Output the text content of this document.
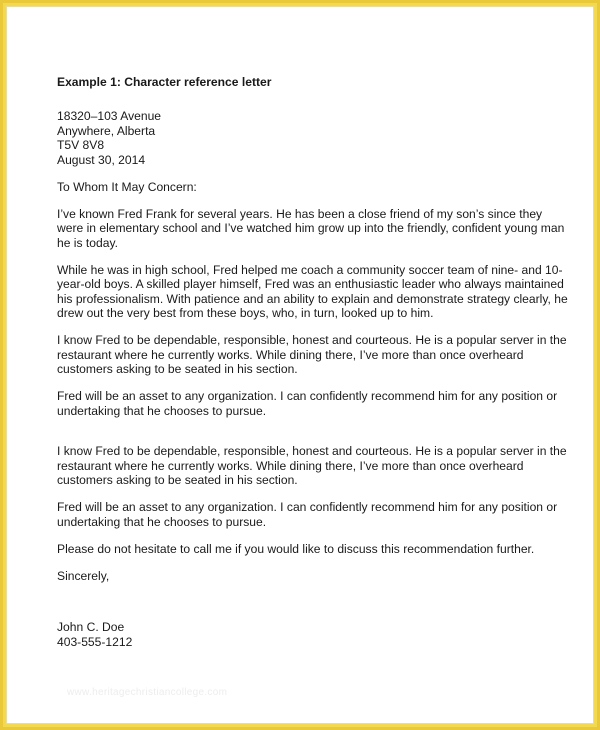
Example 1: Character reference letter

18320–103 Avenue

Anywhere, Alberta

T5V 8V8

August 30, 2014

To Whom It May Concern:

I’ve known Fred Frank for several years. He has been a close friend of my son’s since they

were in elementary school and I’ve watched him grow up into the friendly, confident young man

he is today.

While he was in high school, Fred helped me coach a community soccer team of nine- and 10-

year-old boys. A skilled player himself, Fred was an enthusiastic leader who always maintained

his professionalism. With patience and an ability to explain and demonstrate strategy clearly, he

drew out the very best from these boys, who, in turn, looked up to him.

I know Fred to be dependable, responsible, honest and courteous. He is a popular server in the

restaurant where he currently works. While dining there, I’ve more than once overheard

customers asking to be seated in his section.

Fred will be an asset to any organization. I can confidently recommend him for any position or

undertaking that he chooses to pursue.

I know Fred to be dependable, responsible, honest and courteous. He is a popular server in the

restaurant where he currently works. While dining there, I’ve more than once overheard

customers asking to be seated in his section.

Fred will be an asset to any organization. I can confidently recommend him for any position or

undertaking that he chooses to pursue.

Please do not hesitate to call me if you would like to discuss this recommendation further.

Sincerely,

John C. Doe

403-555-1212

www.heritagechristiancollege.com
